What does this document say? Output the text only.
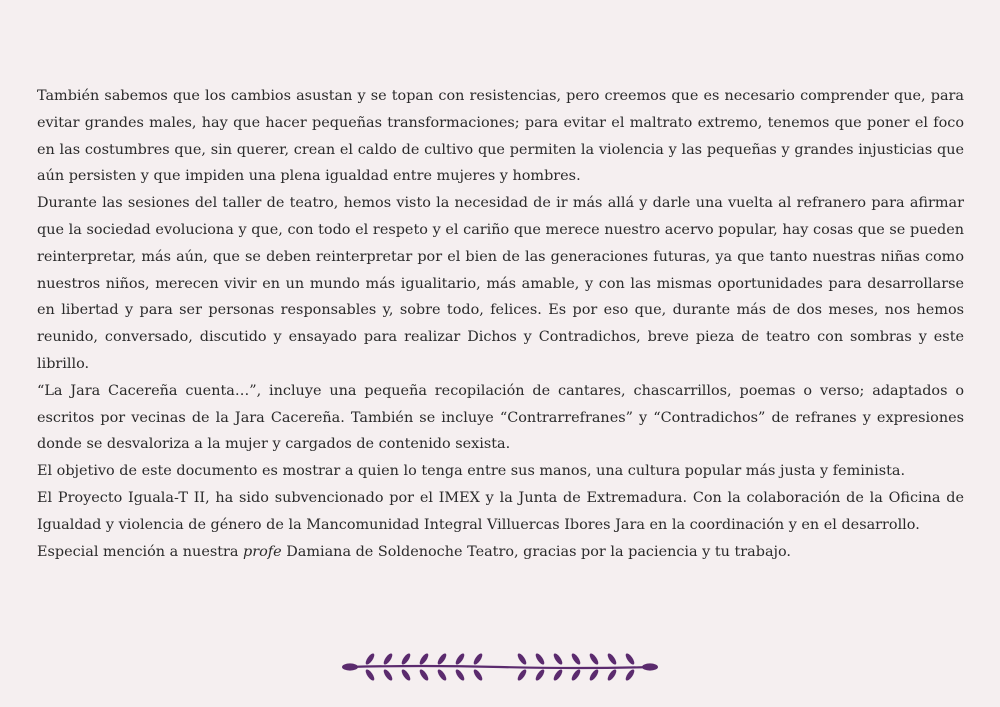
También sabemos que los cambios asustan y se topan con resistencias, pero creemos que es necesario comprender que, para evitar grandes males, hay que hacer pequeñas transformaciones; para evitar el maltrato extremo, tenemos que poner el foco en las costumbres que, sin querer, crean el caldo de cultivo que permiten la violencia y las pequeñas y grandes injusticias que aún persisten y que impiden una plena igualdad entre mujeres y hombres.

Durante las sesiones del taller de teatro, hemos visto la necesidad de ir más allá y darle una vuelta al refranero para afirmar que la sociedad evoluciona y que, con todo el respeto y el cariño que merece nuestro acervo popular, hay cosas que se pueden reinterpretar, más aún, que se deben reinterpretar por el bien de las generaciones futuras, ya que tanto nuestras niñas como nuestros niños, merecen vivir en un mundo más igualitario, más amable, y con las mismas oportunidades para desarrollarse en libertad y para ser personas responsables y, sobre todo, felices. Es por eso que, durante más de dos meses, nos hemos reunido, conversado, discutido y ensayado para realizar Dichos y Contradichos, breve pieza de teatro con sombras y este librillo.

“La Jara Cacereña cuenta…”, incluye una pequeña recopilación de cantares, chascarrillos, poemas o verso; adaptados o escritos por vecinas de la Jara Cacereña. También se incluye “Contrarrefranes” y “Contradichos” de refranes y expresiones donde se desvaloriza a la mujer y cargados de contenido sexista.

El objetivo de este documento es mostrar a quien lo tenga entre sus manos, una cultura popular más justa y feminista.

El Proyecto Iguala-T II, ha sido subvencionado por el IMEX y la Junta de Extremadura. Con la colaboración de la Oficina de Igualdad y violencia de género de la Mancomunidad Integral Villuercas Ibores Jara en la coordinación y en el desarrollo.

Especial mención a nuestra profe Damiana de Soldenoche Teatro, gracias por la paciencia y tu trabajo.
